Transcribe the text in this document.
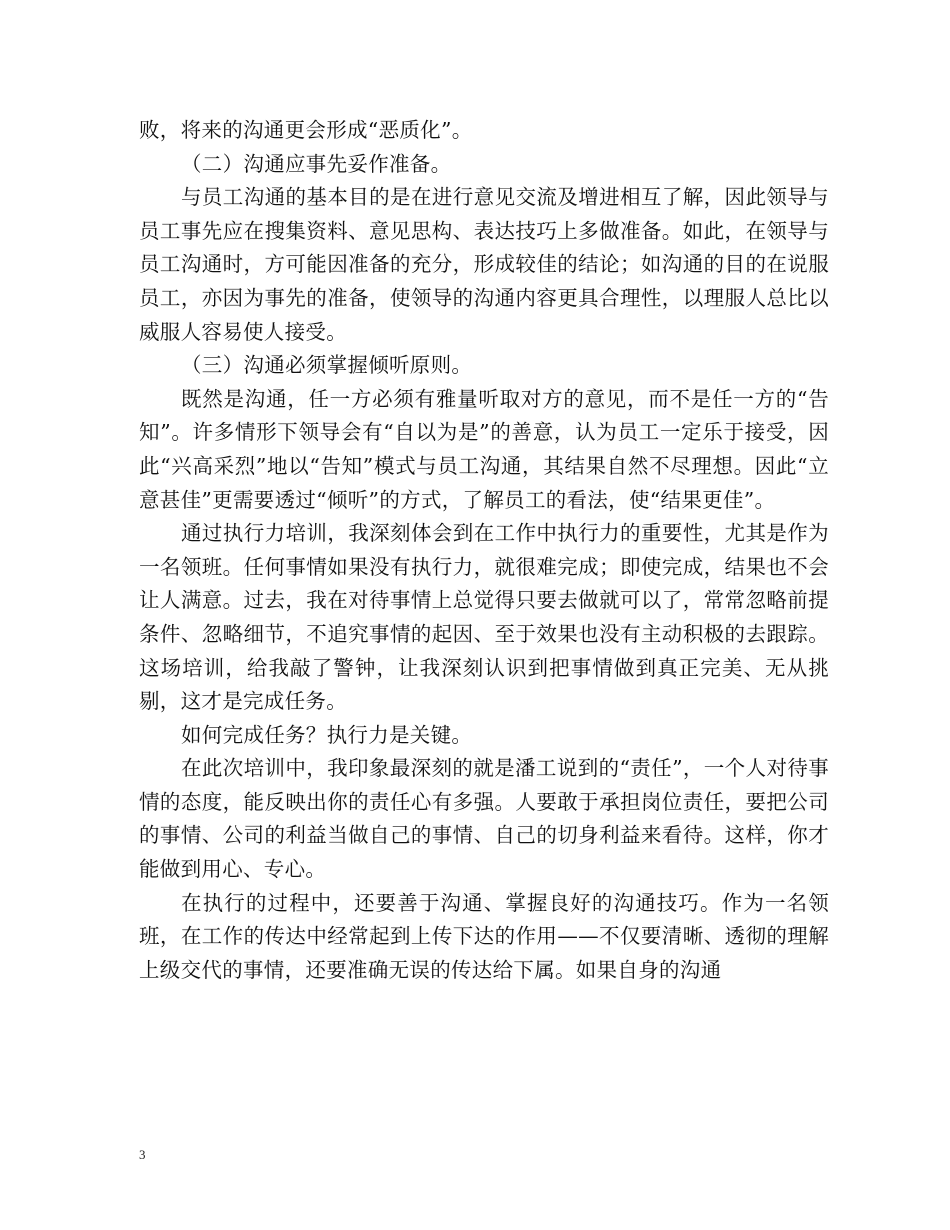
败，将来的沟通更会形成“恶质化”。

（二）沟通应事先妥作准备。

与员工沟通的基本目的是在进行意见交流及增进相互了解，因此领导与员工事先应在搜集资料、意见思构、表达技巧上多做准备。如此，在领导与员工沟通时，方可能因准备的充分，形成较佳的结论；如沟通的目的在说服员工，亦因为事先的准备，使领导的沟通内容更具合理性，以理服人总比以威服人容易使人接受。

（三）沟通必须掌握倾听原则。

既然是沟通，任一方必须有雅量听取对方的意见，而不是任一方的“告知”。许多情形下领导会有“自以为是”的善意，认为员工一定乐于接受，因此“兴高采烈”地以“告知”模式与员工沟通，其结果自然不尽理想。因此“立意甚佳”更需要透过“倾听”的方式，了解员工的看法，使“结果更佳”。

通过执行力培训，我深刻体会到在工作中执行力的重要性，尤其是作为一名领班。任何事情如果没有执行力，就很难完成；即使完成，结果也不会让人满意。过去，我在对待事情上总觉得只要去做就可以了，常常忽略前提条件、忽略细节，不追究事情的起因、至于效果也没有主动积极的去跟踪。这场培训，给我敲了警钟，让我深刻认识到把事情做到真正完美、无从挑剔，这才是完成任务。

如何完成任务？执行力是关键。

在此次培训中，我印象最深刻的就是潘工说到的“责任”，一个人对待事情的态度，能反映出你的责任心有多强。人要敢于承担岗位责任，要把公司的事情、公司的利益当做自己的事情、自己的切身利益来看待。这样，你才能做到用心、专心。

在执行的过程中，还要善于沟通、掌握良好的沟通技巧。作为一名领班，在工作的传达中经常起到上传下达的作用——不仅要清晰、透彻的理解上级交代的事情，还要准确无误的传达给下属。如果自身的沟通

3
